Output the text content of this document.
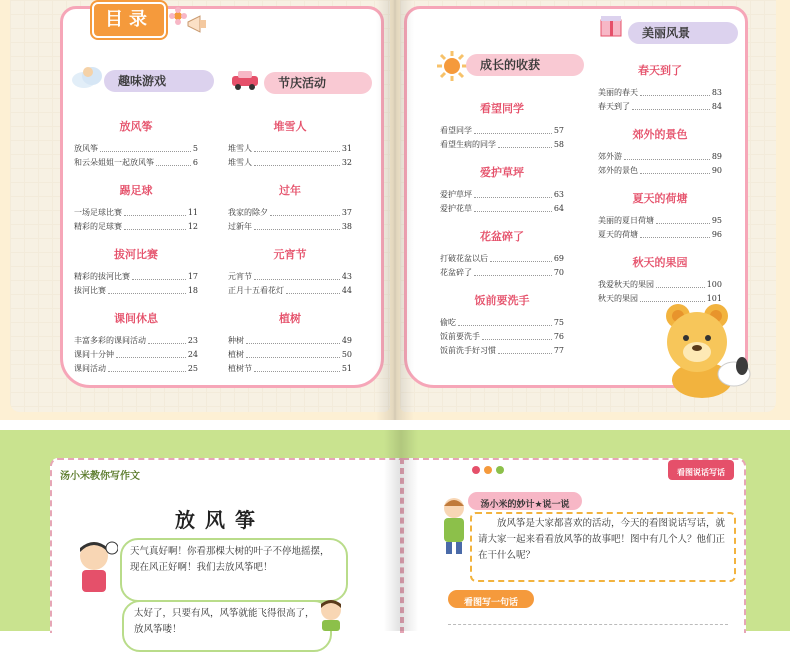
目录
趣味游戏	节庆活动
成长的收获
美丽风景
放风筝
放风筝	5
和云朵姐姐一起放风筝	6
踢足球
一场足球比赛	11
精彩的足球赛	12
拔河比赛
精彩的拔河比赛	17
拔河比赛	18
课间休息
丰富多彩的课间活动	23
课间十分钟	24
课间活动	25
堆雪人
堆雪人	31
堆雪人	32
过年
我家的除夕	37
过新年	38
元宵节
元宵节	43
正月十五看花灯	44
植树
种树	49
植树	50
植树节	51
看望同学
看望同学	57
看望生病的同学	58
爱护草坪
爱护草坪	63
爱护花草	64
花盆碎了
打破花盆以后	69
花盆碎了	70
饭前要洗手
偷吃	75
饭前要洗手	76
饭前洗手好习惯	77
春天到了
美丽的春天	83
春天到了	84
郊外的景色
郊外游	89
郊外的景色	90
夏天的荷塘
美丽的夏日荷塘	95
夏天的荷塘	96
秋天的果园
我爱秋天的果园	100
秋天的果园	101
汤小米教你写作文	看图说话写话
放风筝
天气真好啊！你看那棵大树的叶子不停地摇摆，现在风正好啊！我们去放风筝吧！
太好了，只要有风，风筝就能飞得很高了，放风筝喽！
汤小米的妙计★说一说
放风筝是大家都喜欢的活动，今天的看图说话写话，就请大家一起来看看放风筝的故事吧！图中有几个人？他们正在干什么呢？
看图写一句话
